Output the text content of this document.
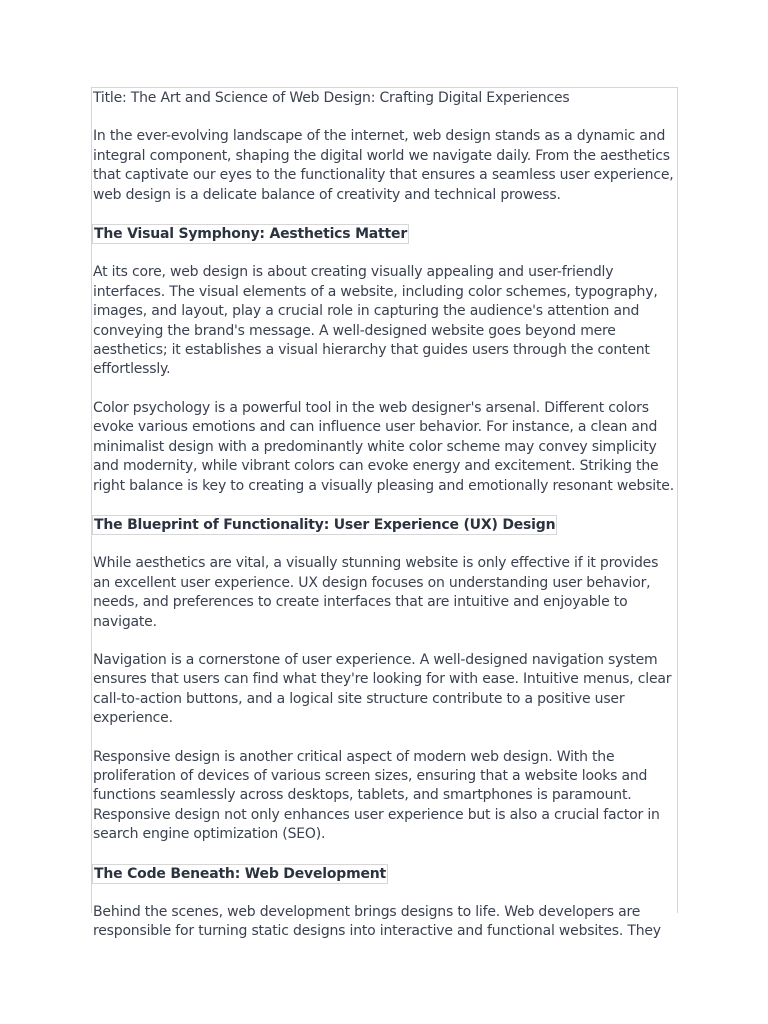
Title: The Art and Science of Web Design: Crafting Digital Experiences

In the ever-evolving landscape of the internet, web design stands as a dynamic and integral component, shaping the digital world we navigate daily. From the aesthetics that captivate our eyes to the functionality that ensures a seamless user experience, web design is a delicate balance of creativity and technical prowess.

The Visual Symphony: Aesthetics Matter

At its core, web design is about creating visually appealing and user-friendly interfaces. The visual elements of a website, including color schemes, typography, images, and layout, play a crucial role in capturing the audience's attention and conveying the brand's message. A well-designed website goes beyond mere aesthetics; it establishes a visual hierarchy that guides users through the content effortlessly.

Color psychology is a powerful tool in the web designer's arsenal. Different colors evoke various emotions and can influence user behavior. For instance, a clean and minimalist design with a predominantly white color scheme may convey simplicity and modernity, while vibrant colors can evoke energy and excitement. Striking the right balance is key to creating a visually pleasing and emotionally resonant website.

The Blueprint of Functionality: User Experience (UX) Design

While aesthetics are vital, a visually stunning website is only effective if it provides an excellent user experience. UX design focuses on understanding user behavior, needs, and preferences to create interfaces that are intuitive and enjoyable to navigate.

Navigation is a cornerstone of user experience. A well-designed navigation system ensures that users can find what they're looking for with ease. Intuitive menus, clear call-to-action buttons, and a logical site structure contribute to a positive user experience.

Responsive design is another critical aspect of modern web design. With the proliferation of devices of various screen sizes, ensuring that a website looks and functions seamlessly across desktops, tablets, and smartphones is paramount. Responsive design not only enhances user experience but is also a crucial factor in search engine optimization (SEO).

The Code Beneath: Web Development

Behind the scenes, web development brings designs to life. Web developers are responsible for turning static designs into interactive and functional websites. They
